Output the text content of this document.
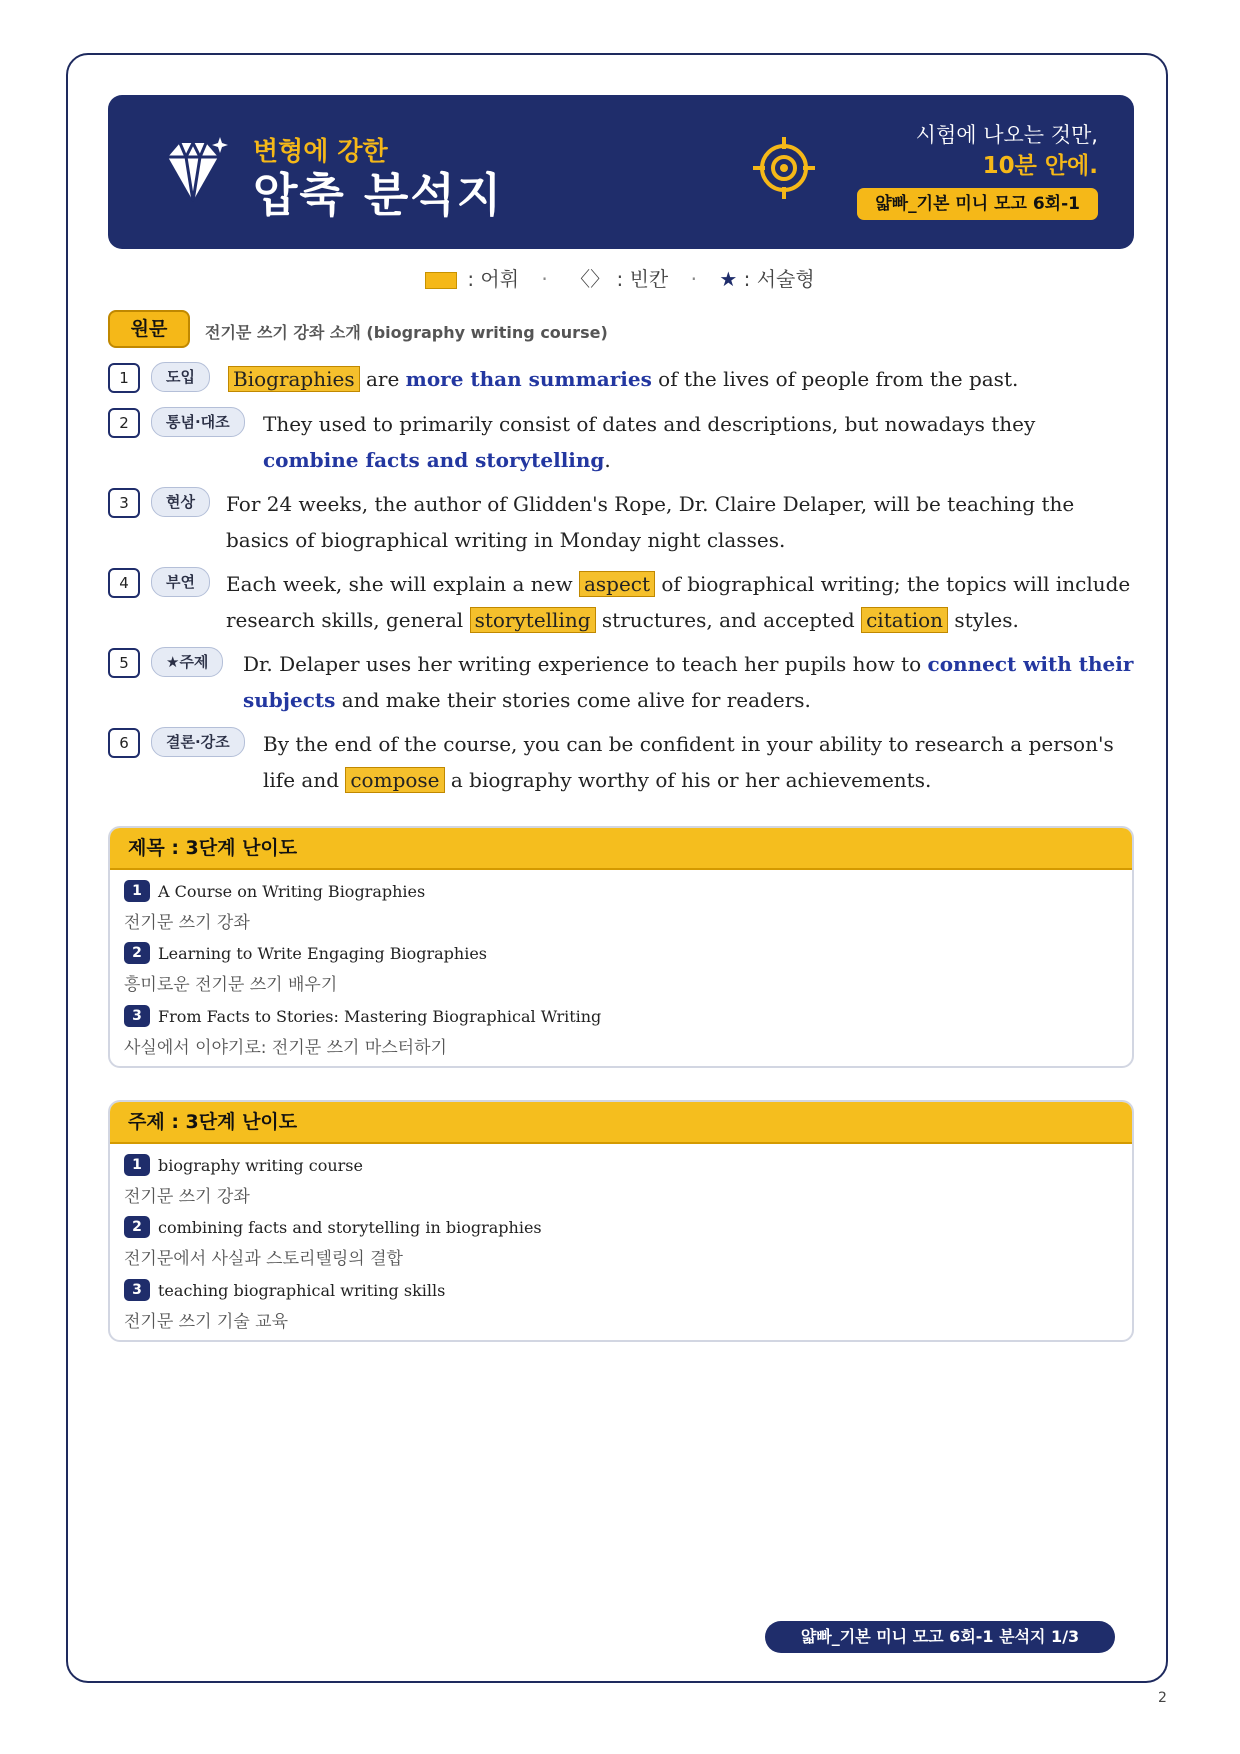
변형에 강한
압축 분석지
시험에 나오는 것만,
10분 안에.
얇빠_기본 미니 모고 6회-1
: 어휘 · 〈〉 : 빈칸 · ★ : 서술형
원문	전기문 쓰기 강좌 소개 (biography writing course)
1	도입	Biographies are more than summaries of the lives of people from the past.
2	통념·대조	They used to primarily consist of dates and descriptions, but nowadays they combine facts and storytelling.
3	현상	For 24 weeks, the author of Glidden's Rope, Dr. Claire Delaper, will be teaching the basics of biographical writing in Monday night classes.
4	부연	Each week, she will explain a new aspect of biographical writing; the topics will include research skills, general storytelling structures, and accepted citation styles.
5	★주제	Dr. Delaper uses her writing experience to teach her pupils how to connect with their subjects and make their stories come alive for readers.
6	결론·강조	By the end of the course, you can be confident in your ability to research a person's life and compose a biography worthy of his or her achievements.
제목 : 3단계 난이도
1 A Course on Writing Biographies
전기문 쓰기 강좌
2 Learning to Write Engaging Biographies
흥미로운 전기문 쓰기 배우기
3 From Facts to Stories: Mastering Biographical Writing
사실에서 이야기로: 전기문 쓰기 마스터하기
주제 : 3단계 난이도
1 biography writing course
전기문 쓰기 강좌
2 combining facts and storytelling in biographies
전기문에서 사실과 스토리텔링의 결합
3 teaching biographical writing skills
전기문 쓰기 기술 교육
얇빠_기본 미니 모고 6회-1 분석지 1/3
2
